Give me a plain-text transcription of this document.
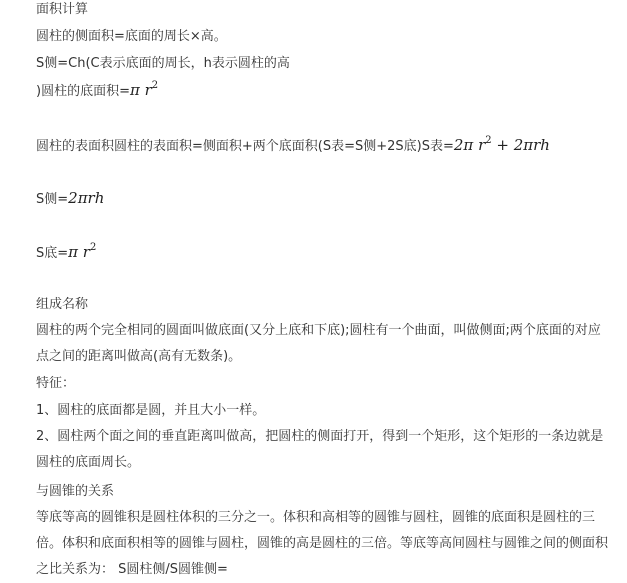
面积计算
圆柱的侧面积=底面的周长×高。
S侧=Ch(C表示底面的周长，h表示圆柱的高
)圆柱的底面积=π $r^2$
圆柱的表面积圆柱的表面积=侧面积+两个底面积(S表=S侧+2S底)S表=2π $r^2 + 2\pi rh$
S侧=2πrh
S底=π $r^2$
组成名称
圆柱的两个完全相同的圆面叫做底面(又分上底和下底);圆柱有一个曲面，叫做侧面;两个底面的对应点之间的距离叫做高(高有无数条)。
特征：
1、圆柱的底面都是圆，并且大小一样。
2、圆柱两个面之间的垂直距离叫做高，把圆柱的侧面打开，得到一个矩形，这个矩形的一条边就是圆柱的底面周长。
与圆锥的关系
等底等高的圆锥积是圆柱体积的三分之一。体积和高相等的圆锥与圆柱，圆锥的底面积是圆柱的三倍。体积和底面积相等的圆锥与圆柱，圆锥的高是圆柱的三倍。等底等高间圆柱与圆锥之间的侧面积之比关系为： S圆柱侧/S圆锥侧=
